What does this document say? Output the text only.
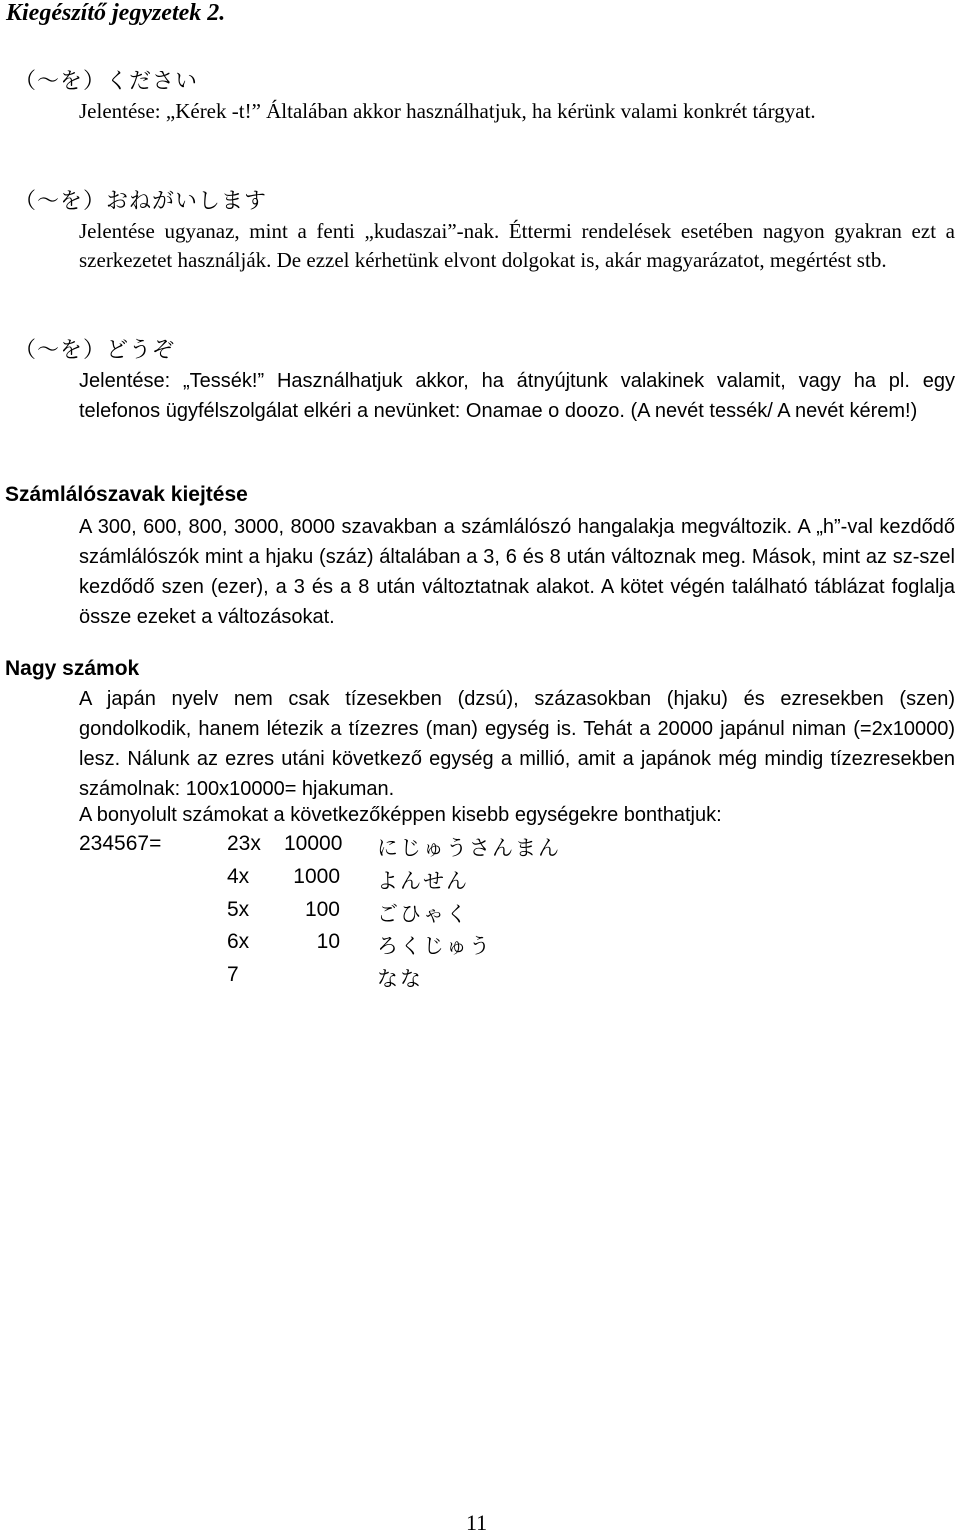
Kiegészítő jegyzetek 2.
（～を）ください
Jelentése: „Kérek -t!” Általában akkor használhatjuk, ha kérünk valami konkrét tárgyat.
（～を）おねがいします
Jelentése ugyanaz, mint a fenti „kudaszai”-nak. Éttermi rendelések esetében nagyon gyakran ezt a szerkezetet használják. De ezzel kérhetünk elvont dolgokat is, akár magyarázatot, megértést stb.
（～を）どうぞ
Jelentése: „Tessék!” Használhatjuk akkor, ha átnyújtunk valakinek valamit, vagy ha pl. egy telefonos ügyfélszolgálat elkéri a nevünket: Onamae o doozo. (A nevét tessék/ A nevét kérem!)
Számlálószavak kiejtése
A 300, 600, 800, 3000, 8000 szavakban a számlálószó hangalakja megváltozik. A „h”-val kezdődő számlálószók mint a hjaku (száz) általában a 3, 6 és 8 után változnak meg. Mások, mint az sz-szel kezdődő szen (ezer), a 3 és a 8 után változtatnak alakot. A kötet végén található táblázat foglalja össze ezeket a változásokat.
Nagy számok
A japán nyelv nem csak tízesekben (dzsú), százasokban (hjaku) és ezresekben (szen) gondolkodik, hanem létezik a tízezres (man) egység is. Tehát a 20000 japánul niman (=2x10000) lesz. Nálunk az ezres utáni következő egység a millió, amit a japánok még mindig tízezresekben számolnak: 100x10000= hjakuman.
A bonyolult számokat a következőképpen kisebb egységekre bonthatjuk:
234567=	23x 10000 にじゅうさんまん
4x	1000 よんせん
5x	100 ごひゃく
6x	10 ろくじゅう
7	なな
11
